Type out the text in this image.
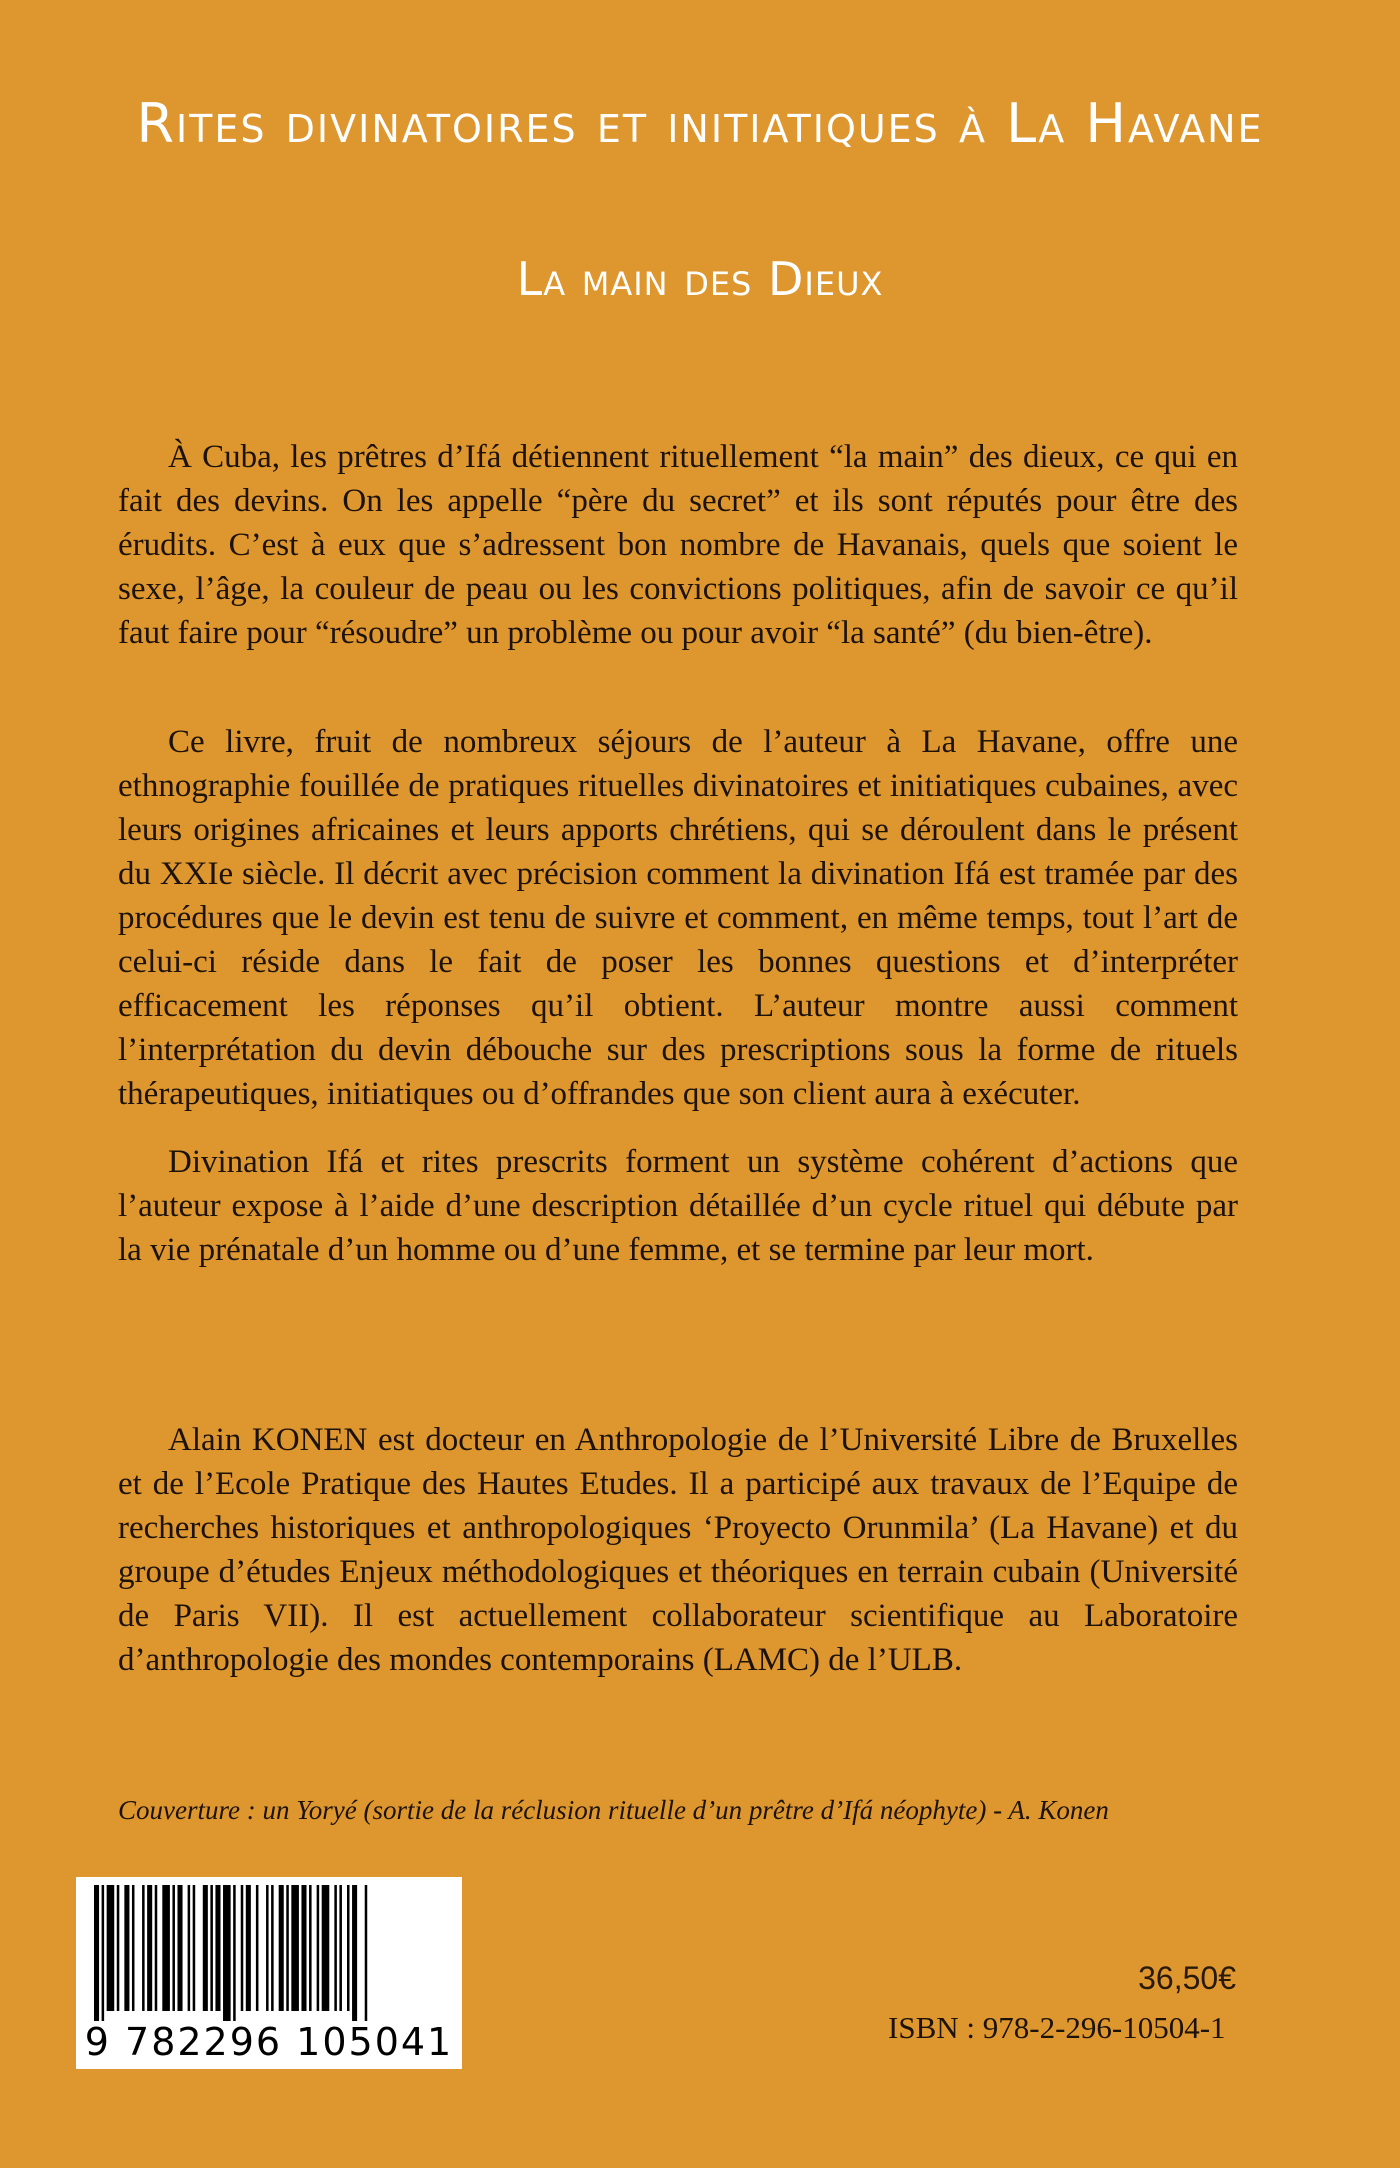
Rites divinatoires et initiatiques à La Havane
La main des Dieux

À Cuba, les prêtres d’Ifá détiennent rituellement “la main” des dieux, ce qui en fait des devins. On les appelle “père du secret” et ils sont réputés pour être des érudits. C’est à eux que s’adressent bon nombre de Havanais, quels que soient le sexe, l’âge, la couleur de peau ou les convictions politiques, afin de savoir ce qu’il faut faire pour “résoudre” un problème ou pour avoir “la santé” (du bien-être).

Ce livre, fruit de nombreux séjours de l’auteur à La Havane, offre une ethnographie fouillée de pratiques rituelles divinatoires et initiatiques cubaines, avec leurs origines africaines et leurs apports chrétiens, qui se déroulent dans le présent du XXIe siècle. Il décrit avec précision comment la divination Ifá est tramée par des procédures que le devin est tenu de suivre et comment, en même temps, tout l’art de celui-ci réside dans le fait de poser les bonnes questions et d’interpréter efficacement les réponses qu’il obtient. L’auteur montre aussi comment l’interprétation du devin débouche sur des prescriptions sous la forme de rituels thérapeutiques, initiatiques ou d’offrandes que son client aura à exécuter.

Divination Ifá et rites prescrits forment un système cohérent d’actions que l’auteur expose à l’aide d’une description détaillée d’un cycle rituel qui débute par la vie prénatale d’un homme ou d’une femme, et se termine par leur mort.

Alain KONEN est docteur en Anthropologie de l’Université Libre de Bruxelles et de l’Ecole Pratique des Hautes Etudes. Il a participé aux travaux de l’Equipe de recherches historiques et anthropologiques ‘Proyecto Orunmila’ (La Havane) et du groupe d’études Enjeux méthodologiques et théoriques en terrain cubain (Université de Paris VII). Il est actuellement collaborateur scientifique au Laboratoire d’anthropologie des mondes contemporains (LAMC) de l’ULB.

Couverture : un Yoryé (sortie de la réclusion rituelle d’un prêtre d’Ifá néophyte) - A. Konen

9 782296 105041
36,50€
ISBN : 978-2-296-10504-1
